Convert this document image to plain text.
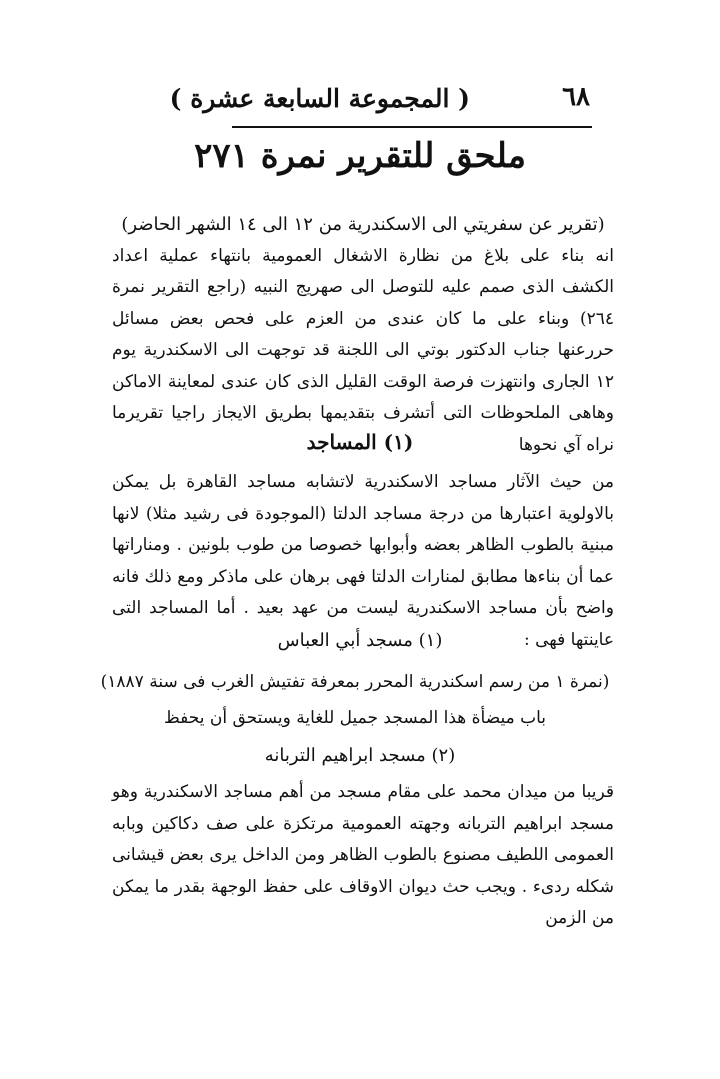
( المجموعة السابعة عشرة )	٦٨
ملحق للتقرير نمرة ٢٧١

(تقرير عن سفريتي الى الاسكندرية من ١٢ الى ١٤ الشهر الحاضر)

انه بناء على بلاغ من نظارة الاشغال العمومية بانتهاء عملية اعداد الكشف الذى صمم عليه للتوصل الى صهريج النبيه (راجع التقرير نمرة ٢٦٤) وبناء على ما كان عندى من العزم على فحص بعض مسائل حررعنها جناب الدكتور بوتي الى اللجنة قد توجهت الى الاسكندرية يوم ١٢ الجارى وانتهزت فرصة الوقت القليل الذى كان عندى لمعاينة الاماكن وهاهى الملحوظات التى أتشرف بتقديمها بطريق الايجاز راجيا تقريرما نراه آي نحوها

(١) المساجد

من حيث الآثار مساجد الاسكندرية لاتشابه مساجد القاهرة بل يمكن بالاولوية اعتبارها من درجة مساجد الدلتا (الموجودة فى رشيد مثلا) لانها مبنية بالطوب الظاهر بعضه وأبوابها خصوصا من طوب بلونين . ومناراتها عما أن بناءها مطابق لمنارات الدلتا فهى برهان على ماذكر ومع ذلك فانه واضح بأن مساجد الاسكندرية ليست من عهد بعيد . أما المساجد التى عاينتها فهى :

(١) مسجد أبي العباس
(نمرة ١ من رسم اسكندرية المحرر بمعرفة تفتيش الغرب فى سنة ١٨٨٧)
باب ميضأة هذا المسجد جميل للغاية ويستحق أن يحفظ
(٢) مسجد ابراهيم التربانه

قريبا من ميدان محمد على مقام مسجد من أهم مساجد الاسكندرية وهو مسجد ابراهيم التربانه وجهته العمومية مرتكزة على صف دكاكين وبابه العمومى اللطيف مصنوع بالطوب الظاهر ومن الداخل يرى بعض قيشانى شكله ردىء . ويجب حث ديوان الاوقاف على حفظ الوجهة بقدر ما يمكن من الزمن
